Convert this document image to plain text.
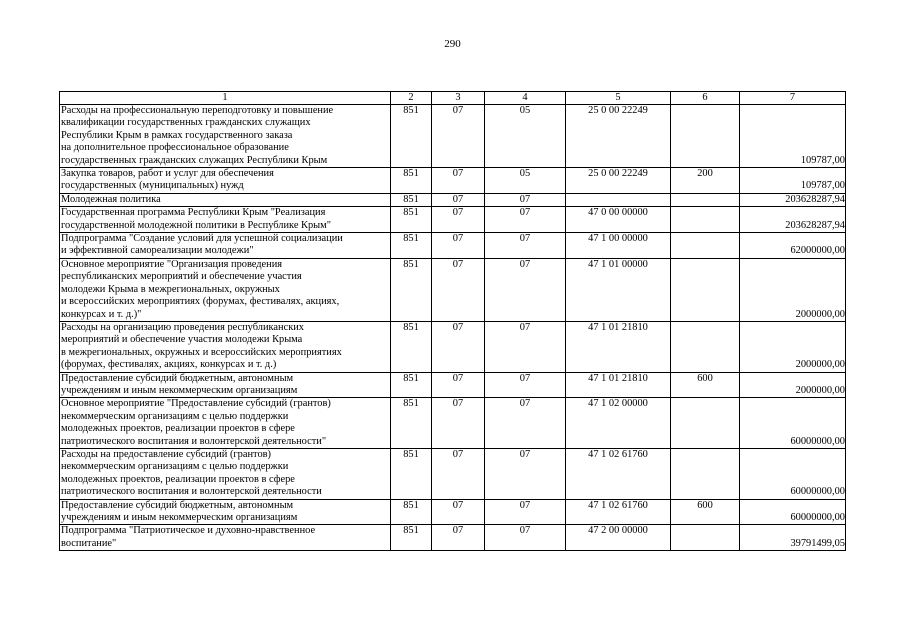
290
1	2	3	4	5	6	7
Расходы на профессиональную переподготовку и повышение
квалификации государственных гражданских служащих
Республики Крым в рамках государственного заказа
на дополнительное профессиональное образование
государственных гражданских служащих Республики Крым	851	07	05	25 0 00 22249		109787,00
Закупка товаров, работ и услуг для обеспечения
государственных (муниципальных) нужд	851	07	05	25 0 00 22249	200	109787,00
Молодежная политика	851	07	07			203628287,94
Государственная программа Республики Крым "Реализация
государственной молодежной политики в Республике Крым"	851	07	07	47 0 00 00000		203628287,94
Подпрограмма "Создание условий для успешной социализации
и эффективной самореализации молодежи"	851	07	07	47 1 00 00000		62000000,00
Основное мероприятие "Организация проведения
республиканских мероприятий и обеспечение участия
молодежи Крыма в межрегиональных, окружных
и всероссийских мероприятиях (форумах, фестивалях, акциях,
конкурсах и т. д.)"	851	07	07	47 1 01 00000		2000000,00
Расходы на организацию проведения республиканских
мероприятий и обеспечение участия молодежи Крыма
в межрегиональных, окружных и всероссийских мероприятиях
(форумах, фестивалях, акциях, конкурсах и т. д.)	851	07	07	47 1 01 21810		2000000,00
Предоставление субсидий бюджетным, автономным
учреждениям и иным некоммерческим организациям	851	07	07	47 1 01 21810	600	2000000,00
Основное мероприятие "Предоставление субсидий (грантов)
некоммерческим организациям с целью поддержки
молодежных проектов, реализации проектов в сфере
патриотического воспитания и волонтерской деятельности"	851	07	07	47 1 02 00000		60000000,00
Расходы на предоставление субсидий (грантов)
некоммерческим организациям с целью поддержки
молодежных проектов, реализации проектов в сфере
патриотического воспитания и волонтерской деятельности	851	07	07	47 1 02 61760		60000000,00
Предоставление субсидий бюджетным, автономным
учреждениям и иным некоммерческим организациям	851	07	07	47 1 02 61760	600	60000000,00
Подпрограмма "Патриотическое и духовно-нравственное
воспитание"	851	07	07	47 2 00 00000		39791499,05
